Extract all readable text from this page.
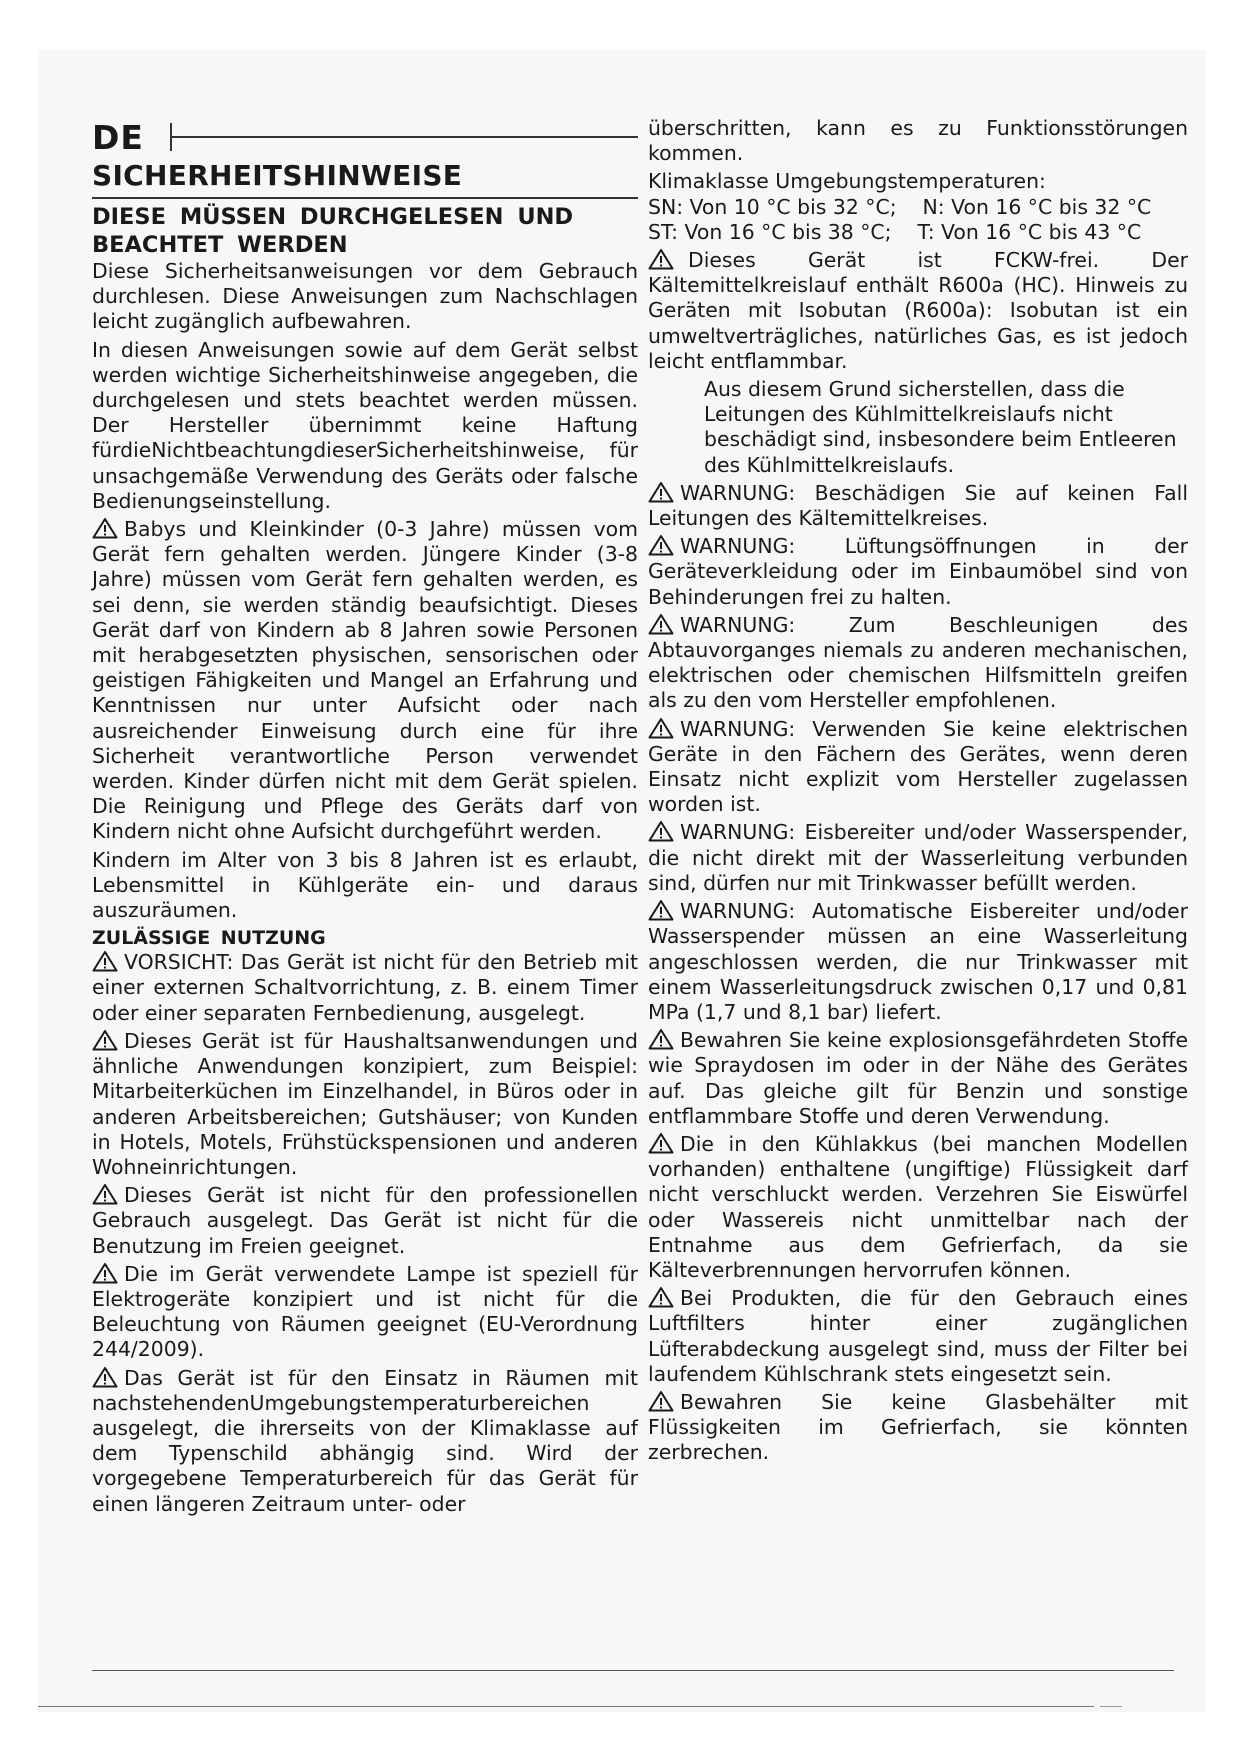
DE
SICHERHEITSHINWEISE
DIESE MÜSSEN DURCHGELESEN UND BEACHTET WERDEN

Diese Sicherheitsanweisungen vor dem Gebrauch durchlesen. Diese Anweisungen zum Nachschlagen leicht zugänglich aufbewahren.

In diesen Anweisungen sowie auf dem Gerät selbst werden wichtige Sicherheitshinweise angegeben, die durchgelesen und stets beachtet werden müssen. Der Hersteller übernimmt keine Haftung fürdieNichtbeachtungdieserSicherheitshinweise, für unsachgemäße Verwendung des Geräts oder falsche Bedienungseinstellung.

Babys und Kleinkinder (0-3 Jahre) müssen vom Gerät fern gehalten werden. Jüngere Kinder (3-8 Jahre) müssen vom Gerät fern gehalten werden, es sei denn, sie werden ständig beaufsichtigt. Dieses Gerät darf von Kindern ab 8 Jahren sowie Personen mit herabgesetzten physischen, sensorischen oder geistigen Fähigkeiten und Mangel an Erfahrung und Kenntnissen nur unter Aufsicht oder nach ausreichender Einweisung durch eine für ihre Sicherheit verantwortliche Person verwendet werden. Kinder dürfen nicht mit dem Gerät spielen. Die Reinigung und Pflege des Geräts darf von Kindern nicht ohne Aufsicht durchgeführt werden.

Kindern im Alter von 3 bis 8 Jahren ist es erlaubt, Lebensmittel in Kühlgeräte ein- und daraus auszuräumen.

ZULÄSSIGE NUTZUNG

VORSICHT: Das Gerät ist nicht für den Betrieb mit einer externen Schaltvorrichtung, z. B. einem Timer oder einer separaten Fernbedienung, ausgelegt.

Dieses Gerät ist für Haushaltsanwendungen und ähnliche Anwendungen konzipiert, zum Beispiel: Mitarbeiterküchen im Einzelhandel, in Büros oder in anderen Arbeitsbereichen; Gutshäuser; von Kunden in Hotels, Motels, Frühstückspensionen und anderen Wohneinrichtungen.

Dieses Gerät ist nicht für den professionellen Gebrauch ausgelegt. Das Gerät ist nicht für die Benutzung im Freien geeignet.

Die im Gerät verwendete Lampe ist speziell für Elektrogeräte konzipiert und ist nicht für die Beleuchtung von Räumen geeignet (EU-Verordnung 244/2009).

Das Gerät ist für den Einsatz in Räumen mit nachstehendenUmgebungstemperaturbereichen ausgelegt, die ihrerseits von der Klimaklasse auf dem Typenschild abhängig sind. Wird der vorgegebene Temperaturbereich für das Gerät für einen längeren Zeitraum unter- oder

überschritten, kann es zu Funktionsstörungen kommen.

Klimaklasse Umgebungstemperaturen:
SN: Von 10 °C bis 32 °C; N: Von 16 °C bis 32 °C
ST: Von 16 °C bis 38 °C; T: Von 16 °C bis 43 °C

Dieses Gerät ist FCKW-frei. Der Kältemittelkreislauf enthält R600a (HC). Hinweis zu Geräten mit Isobutan (R600a): Isobutan ist ein umweltverträgliches, natürliches Gas, es ist jedoch leicht entflammbar.

Aus diesem Grund sicherstellen, dass die Leitungen des Kühlmittelkreislaufs nicht beschädigt sind, insbesondere beim Entleeren des Kühlmittelkreislaufs.

WARNUNG: Beschädigen Sie auf keinen Fall Leitungen des Kältemittelkreises.

WARNUNG: Lüftungsöffnungen in der Geräteverkleidung oder im Einbaumöbel sind von Behinderungen frei zu halten.

WARNUNG: Zum Beschleunigen des Abtauvorganges niemals zu anderen mechanischen, elektrischen oder chemischen Hilfsmitteln greifen als zu den vom Hersteller empfohlenen.

WARNUNG: Verwenden Sie keine elektrischen Geräte in den Fächern des Gerätes, wenn deren Einsatz nicht explizit vom Hersteller zugelassen worden ist.

WARNUNG: Eisbereiter und/oder Wasserspender, die nicht direkt mit der Wasserleitung verbunden sind, dürfen nur mit Trinkwasser befüllt werden.

WARNUNG: Automatische Eisbereiter und/oder Wasserspender müssen an eine Wasserleitung angeschlossen werden, die nur Trinkwasser mit einem Wasserleitungsdruck zwischen 0,17 und 0,81 MPa (1,7 und 8,1 bar) liefert.

Bewahren Sie keine explosionsgefährdeten Stoffe wie Spraydosen im oder in der Nähe des Gerätes auf. Das gleiche gilt für Benzin und sonstige entflammbare Stoffe und deren Verwendung.

Die in den Kühlakkus (bei manchen Modellen vorhanden) enthaltene (ungiftige) Flüssigkeit darf nicht verschluckt werden. Verzehren Sie Eiswürfel oder Wassereis nicht unmittelbar nach der Entnahme aus dem Gefrierfach, da sie Kälteverbrennungen hervorrufen können.

Bei Produkten, die für den Gebrauch eines Luftfilters hinter einer zugänglichen Lüfterabdeckung ausgelegt sind, muss der Filter bei laufendem Kühlschrank stets eingesetzt sein.

Bewahren Sie keine Glasbehälter mit Flüssigkeiten im Gefrierfach, sie könnten zerbrechen.
